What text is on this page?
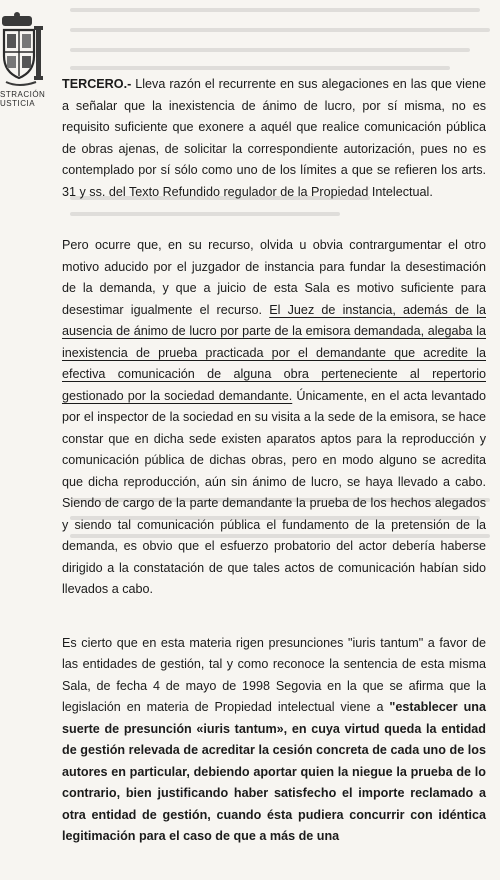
STRACIÓN
USTICIA

TERCERO.- Lleva razón el recurrente en sus alegaciones en las que viene a señalar que la inexistencia de ánimo de lucro, por sí misma, no es requisito suficiente que exonere a aquél que realice comunicación pública de obras ajenas, de solicitar la correspondiente autorización, pues no es contemplado por sí sólo como uno de los límites a que se refieren los arts. 31 y ss. del Texto Refundido regulador de la Propiedad Intelectual.

Pero ocurre que, en su recurso, olvida u obvia contrargumentar el otro motivo aducido por el juzgador de instancia para fundar la desestimación de la demanda, y que a juicio de esta Sala es motivo suficiente para desestimar igualmente el recurso. El Juez de instancia, además de la ausencia de ánimo de lucro por parte de la emisora demandada, alegaba la inexistencia de prueba practicada por el demandante que acredite la efectiva comunicación de alguna obra perteneciente al repertorio gestionado por la sociedad demandante. Únicamente, en el acta levantado por el inspector de la sociedad en su visita a la sede de la emisora, se hace constar que en dicha sede existen aparatos aptos para la reproducción y comunicación pública de dichas obras, pero en modo alguno se acredita que dicha reproducción, aún sin ánimo de lucro, se haya llevado a cabo. Siendo de cargo de la parte demandante la prueba de los hechos alegados y siendo tal comunicación pública el fundamento de la pretensión de la demanda, es obvio que el esfuerzo probatorio del actor debería haberse dirigido a la constatación de que tales actos de comunicación habían sido llevados a cabo.

Es cierto que en esta materia rigen presunciones "iuris tantum" a favor de las entidades de gestión, tal y como reconoce la sentencia de esta misma Sala, de fecha 4 de mayo de 1998 Segovia en la que se afirma que la legislación en materia de Propiedad intelectual viene a "establecer una suerte de presunción «iuris tantum», en cuya virtud queda la entidad de gestión relevada de acreditar la cesión concreta de cada uno de los autores en particular, debiendo aportar quien la niegue la prueba de lo contrario, bien justificando haber satisfecho el importe reclamado a otra entidad de gestión, cuando ésta pudiera concurrir con idéntica legitimación para el caso de que a más de una
